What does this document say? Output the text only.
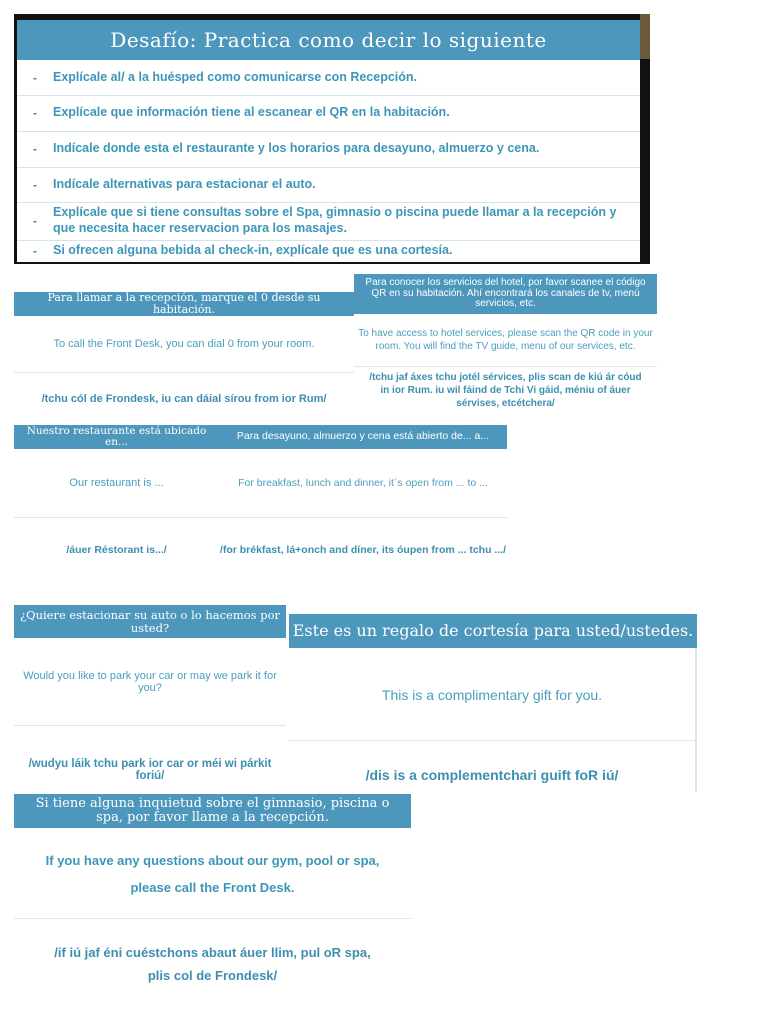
Desafío: Practica como decir lo siguiente
-	Explícale al/ a la huésped como comunicarse con Recepción.
-	Explícale que información tiene al escanear el QR en la habitación.
-	Indícale donde esta el restaurante y los horarios para desayuno, almuerzo y cena.
-	Indícale alternativas para estacionar el auto.
-
Explícale que si tiene consultas sobre el Spa, gimnasio o piscina puede llamar a la recepción y que necesita hacer reservacion para los masajes.
-	Si ofrecen alguna bebida al check-in, explícale que es una cortesía.
Para llamar a la recepción, marque el 0 desde su habitación.
To call the Front Desk, you can dial 0 from your room.
/tchu cól de Frondesk, iu can dáial sírou from ior Rum/
Para conocer los servicios del hotel, por favor scanee el código QR en su habitación. Ahí encontrará los canales de tv, menú servicios, etc.
To have access to hotel services, please scan the QR code in your room. You will find the TV guide, menu of our services, etc.
/tchu jaf áxes tchu jotél sérvices, plis scan de kiú ár cóud in ior Rum. iu wil fáind de Tchi Vi gáid, méniu of áuer sérvises, etcétchera/
Nuestro restaurante está ubicado en...
Our restaurant is ...
/áuer Réstorant is.../
Para desayuno, almuerzo y cena está abierto de... a...
For breakfast, lunch and dinner, it´s open from ... to ...
/for brékfast, lá+onch and díner, its óupen from ... tchu .../
¿Quiere estacionar su auto o lo hacemos por usted?
Would you like to park your car or may we park it for you?
/wudyu láik tchu park ior car or méi wi párkit foriú/
Este es un regalo de cortesía para usted/ustedes.
This is a complimentary gift for you.
/dis is a complementchari guift foR iú/
Si tiene alguna inquietud sobre el gimnasio, piscina o spa, por favor llame a la recepción.
If you have any questions about our gym, pool or spa,
please call the Front Desk.
/if iú jaf éni cuéstchons abaut áuer llim, pul oR spa,
plis col de Frondesk/
